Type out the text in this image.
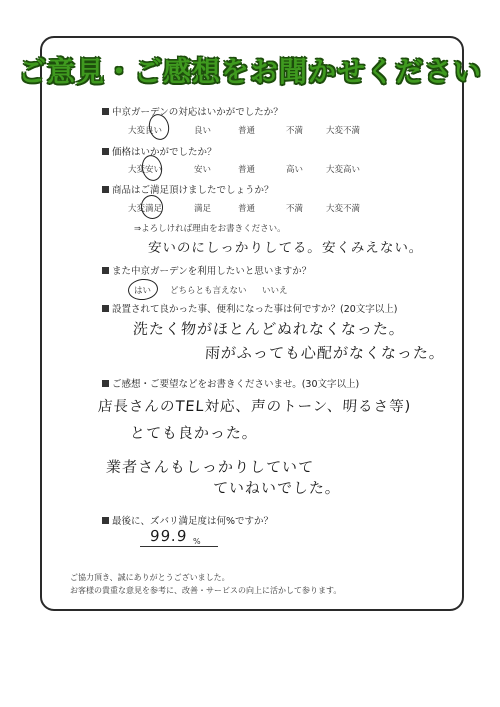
ご意見・ご感想をお聞かせください
中京ガーデンの対応はいかがでしたか？
大変良い	良い	普通	不満	大変不満
価格はいかがでしたか？
大変安い	安い	普通	高い	大変高い
商品はご満足頂けましたでしょうか？
大変満足	満足	普通	不満	大変不満
⇒よろしければ理由をお書きください。
安いのにしっかりしてる。安くみえない。
また中京ガーデンを利用したいと思いますか？
はい どちらとも言えない いいえ
設置されて良かった事、便利になった事は何ですか？(20文字以上)
洗たく物がほとんどぬれなくなった。
雨がふっても心配がなくなった。
ご感想・ご要望などをお書きくださいませ。(30文字以上)
店長さんのTEL対応、声のトーン、明るさ等)
とても良かった。
業者さんもしっかりしていて
ていねいでした。
最後に、ズバリ満足度は何%ですか？
99.9 %
ご協力頂き、誠にありがとうございました。
お客様の貴重な意見を参考に、改善・サービスの向上に活かして参ります。
